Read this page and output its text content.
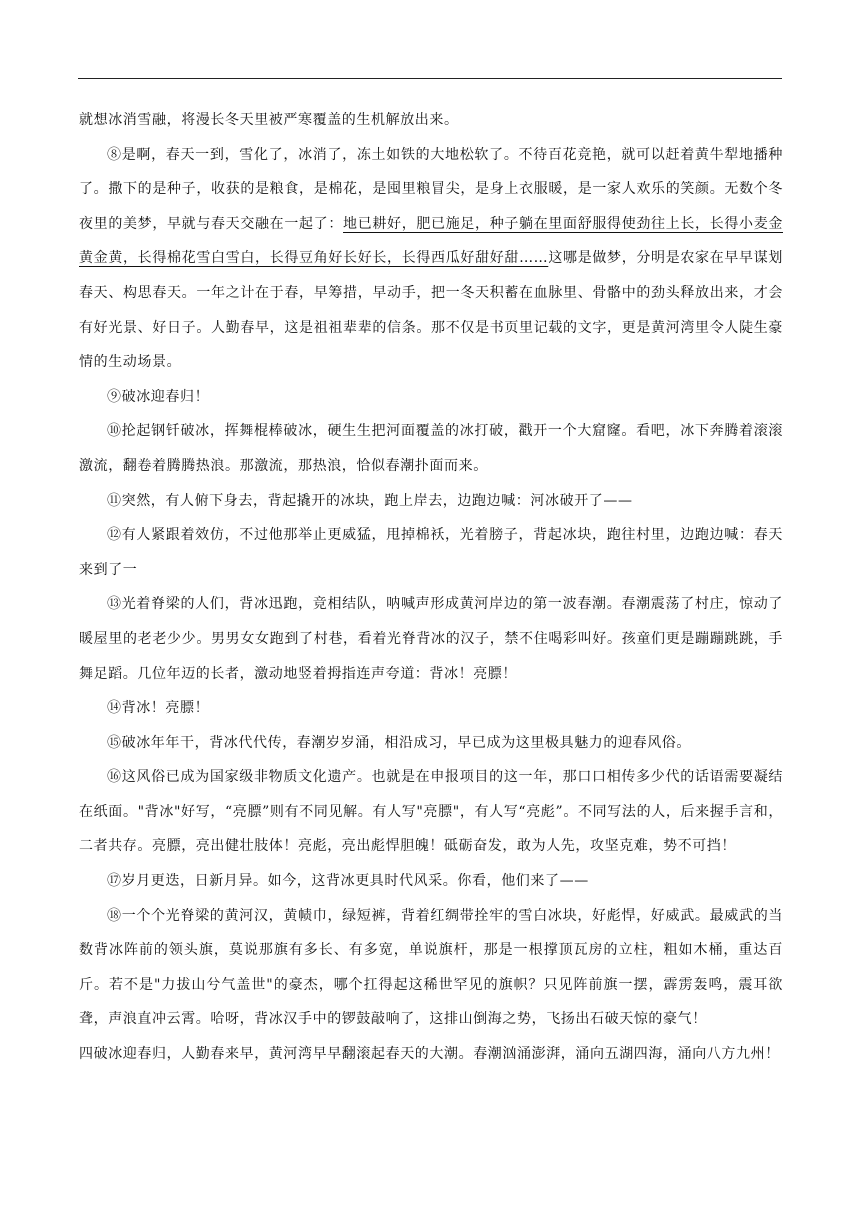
就想冰消雪融，将漫长冬天里被严寒覆盖的生机解放出来。

⑧是啊，春天一到，雪化了，冰消了，冻土如铁的大地松软了。不待百花竞艳，就可以赶着黄牛犁地播种了。撒下的是种子，收获的是粮食，是棉花，是囤里粮冒尖，是身上衣服暖，是一家人欢乐的笑颜。无数个冬夜里的美梦，早就与春天交融在一起了：地已耕好，肥已施足，种子躺在里面舒服得使劲往上长，长得小麦金黄金黄，长得棉花雪白雪白，长得豆角好长好长，长得西瓜好甜好甜……这哪是做梦，分明是农家在早早谋划春天、构思春天。一年之计在于春，早筹措，早动手，把一冬天积蓄在血脉里、骨骼中的劲头释放出来，才会有好光景、好日子。人勤春早，这是祖祖辈辈的信条。那不仅是书页里记载的文字，更是黄河湾里令人陡生豪情的生动场景。

⑨破冰迎春归！

⑩抡起钢钎破冰，挥舞棍棒破冰，硬生生把河面覆盖的冰打破，戳开一个大窟窿。看吧，冰下奔腾着滚滚激流，翻卷着腾腾热浪。那激流，那热浪，恰似春潮扑面而来。

⑪突然，有人俯下身去，背起撬开的冰块，跑上岸去，边跑边喊：河冰破开了——

⑫有人紧跟着效仿，不过他那举止更威猛，甩掉棉袄，光着膀子，背起冰块，跑往村里，边跑边喊：春天来到了一

⑬光着脊梁的人们，背冰迅跑，竞相结队，呐喊声形成黄河岸边的第一波春潮。春潮震荡了村庄，惊动了暖屋里的老老少少。男男女女跑到了村巷，看着光脊背冰的汉子，禁不住喝彩叫好。孩童们更是蹦蹦跳跳，手舞足蹈。几位年迈的长者，激动地竖着拇指连声夸道：背冰！亮膘！

⑭背冰！亮膘！

⑮破冰年年干，背冰代代传，春潮岁岁涌，相沿成习，早已成为这里极具魅力的迎春风俗。

⑯这风俗已成为国家级非物质文化遗产。也就是在申报项目的这一年，那口口相传多少代的话语需要凝结在纸面。"背冰"好写，“亮膘”则有不同见解。有人写"亮膘"，有人写“亮彪”。不同写法的人，后来握手言和，二者共存。亮膘，亮出健壮肢体！亮彪，亮出彪悍胆魄！砥砺奋发，敢为人先，攻坚克难，势不可挡！

⑰岁月更迭，日新月异。如今，这背冰更具时代风采。你看，他们来了——

⑱一个个光脊梁的黄河汉，黄帻巾，绿短裤，背着红绸带拴牢的雪白冰块，好彪悍，好威武。最威武的当数背冰阵前的领头旗，莫说那旗有多长、有多宽，单说旗杆，那是一根撑顶瓦房的立柱，粗如木桶，重达百斤。若不是"力拔山兮气盖世"的豪杰，哪个扛得起这稀世罕见的旗帜？只见阵前旗一摆，霹雳轰鸣，震耳欲聋，声浪直冲云霄。哈呀，背冰汉手中的锣鼓敲响了，这排山倒海之势，飞扬出石破天惊的豪气！

四破冰迎春归，人勤春来早，黄河湾早早翻滚起春天的大潮。春潮汹涌澎湃，涌向五湖四海，涌向八方九州！
